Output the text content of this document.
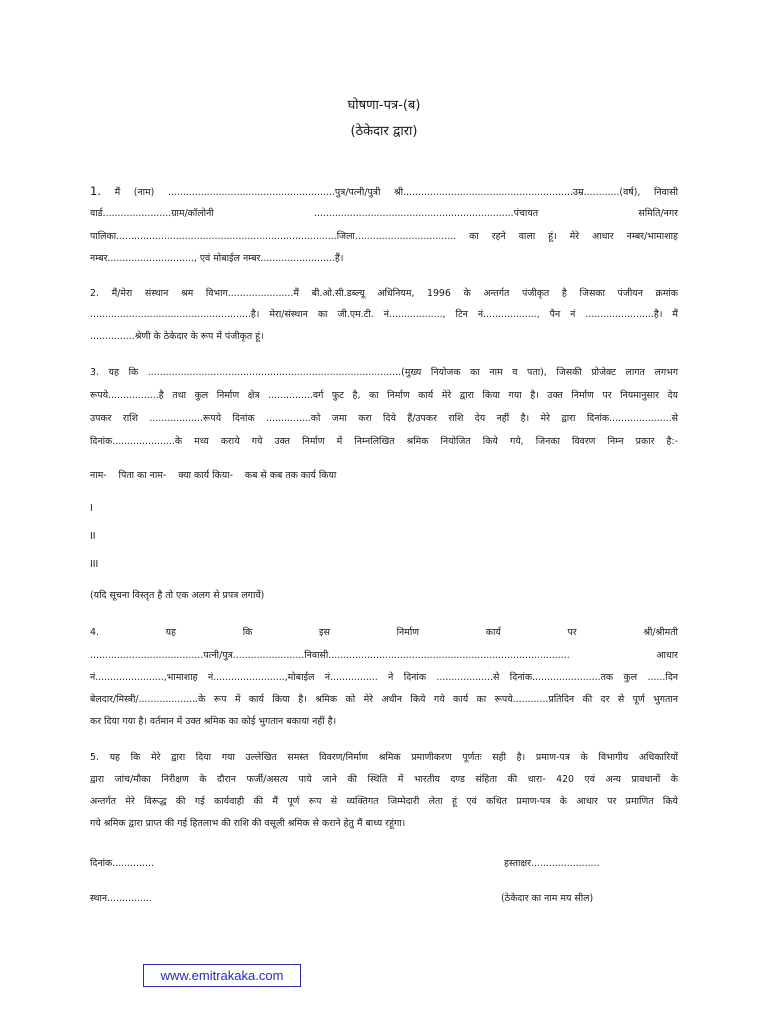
घोषणा-पत्र-(ब)
(ठेकेदार द्वारा)
1. मैं (नाम) ........................................................पुत्र/पत्नी/पुत्री श्री.........................................................उम्र............(वर्ष), निवासी
वार्ड.......................ग्राम/कॉलोनी ...................................................................पंचायत समिति/नगर
पालिका..........................................................................जिला.................................. का रहने वाला हूं। मेरे आधार नम्बर/भामाशाह
नम्बर............................., एवं मोबाईल नम्बर.........................हैं।
2. मैं/मेरा संस्थान श्रम विभाग......................मैं बी.ओ.सी.डब्ल्यू अधिनियम, 1996 के अन्तर्गत पंजीकृत है जिसका पंजीयन क्रमांक
......................................................है। मेरा/संस्थान का जी.एम.टी. नं.................., टिन नं.................., पैन नं .......................है। मैं
...............श्रेणी के ठेकेदार के रूप में पंजीकृत हूं।
3. यह कि .....................................................................................(मुख्य नियोजक का नाम व पता), जिसकी प्रोजेक्ट लागत लगभग
रूपये.................है तथा कुल निर्माण क्षेत्र ...............वर्ग फुट है, का निर्माण कार्य मेरे द्वारा किया गया है। उक्त निर्माण पर नियमानुसार देय
उपकर राशि ..................रूपये दिनांक ...............को जमा करा दिये हैं/उपकर राशि देय नहीं है। मेरे द्वारा दिनांक.....................से
दिनांक.....................के मध्य कराये गये उक्त निर्माण में निम्नलिखित श्रमिक नियोजित किये गये, जिनका विवरण निम्न प्रकार है:-
नाम-    पिता का नाम-    क्या कार्य किया-    कब से कब तक कार्य किया
I
II
III
(यदि सूचना विस्तृत है तो एक अलग से प्रपत्र लगावें)
4. यह कि इस निर्माण कार्य पर श्री/श्रीमती
......................................पत्नी/पुत्र........................निवासी................................................................................. आधार
नं.......................,भामाशाह नं........................,मोबाईल नं................ ने दिनांक ...................से दिनांक.......................तक कुल ......दिन
बेलदार/मिस्त्री/....................के रूप में कार्य किया है। श्रमिक को मेरे अधीन किये गये कार्य का रूपये............प्रतिदिन की दर से पूर्ण भुगतान
कर दिया गया है। वर्तमान में उक्त श्रमिक का कोई भुगतान बकाया नहीं है।
5. यह कि मेरे द्वारा दिया गया उल्लेखित समस्त विवरण/निर्माण श्रमिक प्रमाणीकरण पूर्णतः सही है। प्रमाण-पत्र के विभागीय अधिकारियों
द्वारा जांच/मौका निरीक्षण के दौरान फर्जी/असत्य पाये जाने की स्थिति में भारतीय दण्ड संहिता की धारा- 420 एवं अन्य प्रावधानों के
अन्तर्गत मेरे विरूद्ध की गई कार्यवाही की मैं पूर्ण रूप से व्यक्तिगत जिम्मेदारी लेता हूं एवं कथित प्रमाण-पत्र के आधार पर प्रमाणित किये
गये श्रमिक द्वारा प्राप्त की गई हितलाभ की राशि की वसूली श्रमिक से कराने हेतु मैं बाध्य रहूंगा।
दिनांक..............	हस्ताक्षर.......................
स्थान...............	(ठेकेदार का नाम मय सील)
www.emitrakaka.com
